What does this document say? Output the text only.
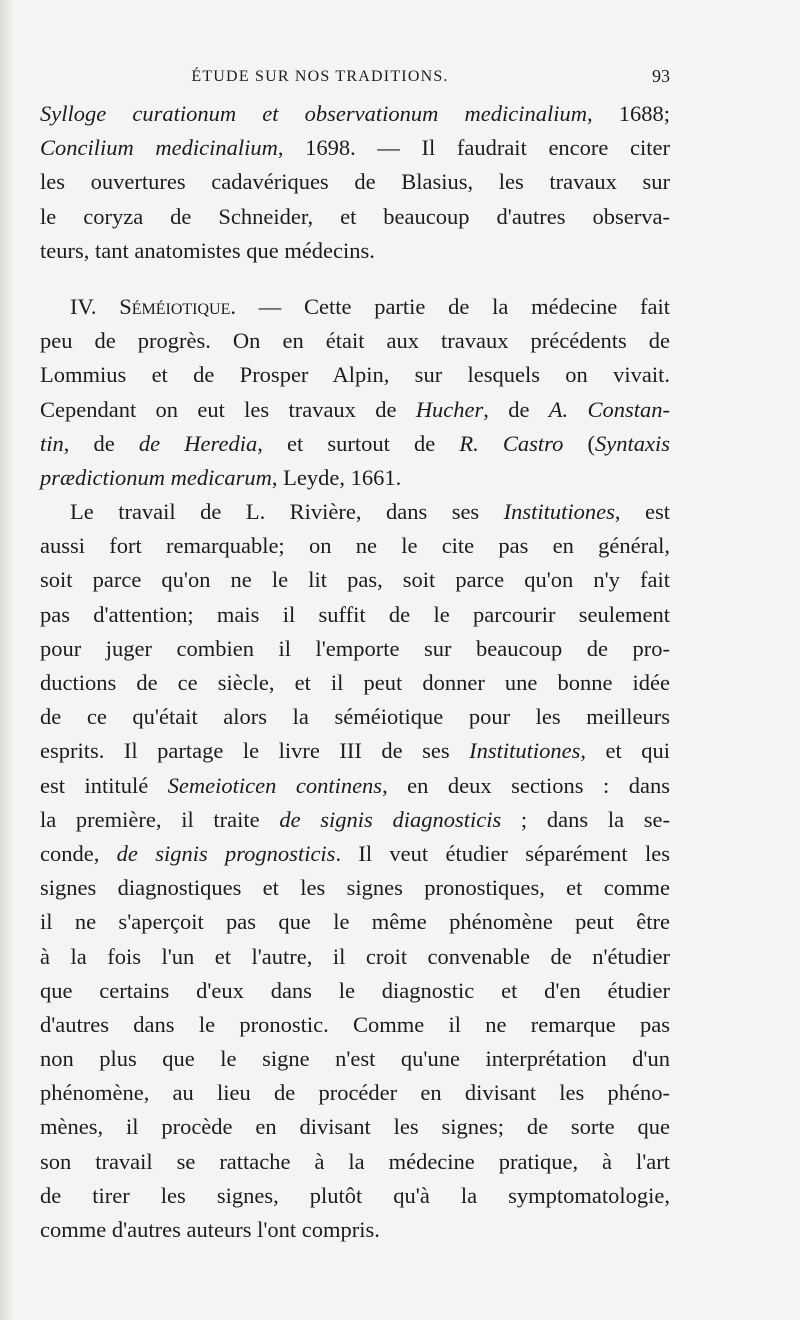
ÉTUDE SUR NOS TRADITIONS.	93
Sylloge curationum et observationum medicinalium, 1688;
Concilium medicinalium, 1698. — Il faudrait encore citer
les ouvertures cadavériques de Blasius, les travaux sur
le coryza de Schneider, et beaucoup d'autres observa-
teurs, tant anatomistes que médecins.
IV. Séméiotique. — Cette partie de la médecine fait
peu de progrès. On en était aux travaux précédents de
Lommius et de Prosper Alpin, sur lesquels on vivait.
Cependant on eut les travaux de Hucher, de A. Constan-
tin, de de Heredia, et surtout de R. Castro (Syntaxis
prædictionum medicarum, Leyde, 1661.
Le travail de L. Rivière, dans ses Institutiones, est
aussi fort remarquable; on ne le cite pas en général,
soit parce qu'on ne le lit pas, soit parce qu'on n'y fait
pas d'attention; mais il suffit de le parcourir seulement
pour juger combien il l'emporte sur beaucoup de pro-
ductions de ce siècle, et il peut donner une bonne idée
de ce qu'était alors la séméiotique pour les meilleurs
esprits. Il partage le livre III de ses Institutiones, et qui
est intitulé Semeioticen continens, en deux sections : dans
la première, il traite de signis diagnosticis ; dans la se-
conde, de signis prognosticis. Il veut étudier séparément les
signes diagnostiques et les signes pronostiques, et comme
il ne s'aperçoit pas que le même phénomène peut être
à la fois l'un et l'autre, il croit convenable de n'étudier
que certains d'eux dans le diagnostic et d'en étudier
d'autres dans le pronostic. Comme il ne remarque pas
non plus que le signe n'est qu'une interprétation d'un
phénomène, au lieu de procéder en divisant les phéno-
mènes, il procède en divisant les signes; de sorte que
son travail se rattache à la médecine pratique, à l'art
de tirer les signes, plutôt qu'à la symptomatologie,
comme d'autres auteurs l'ont compris.
